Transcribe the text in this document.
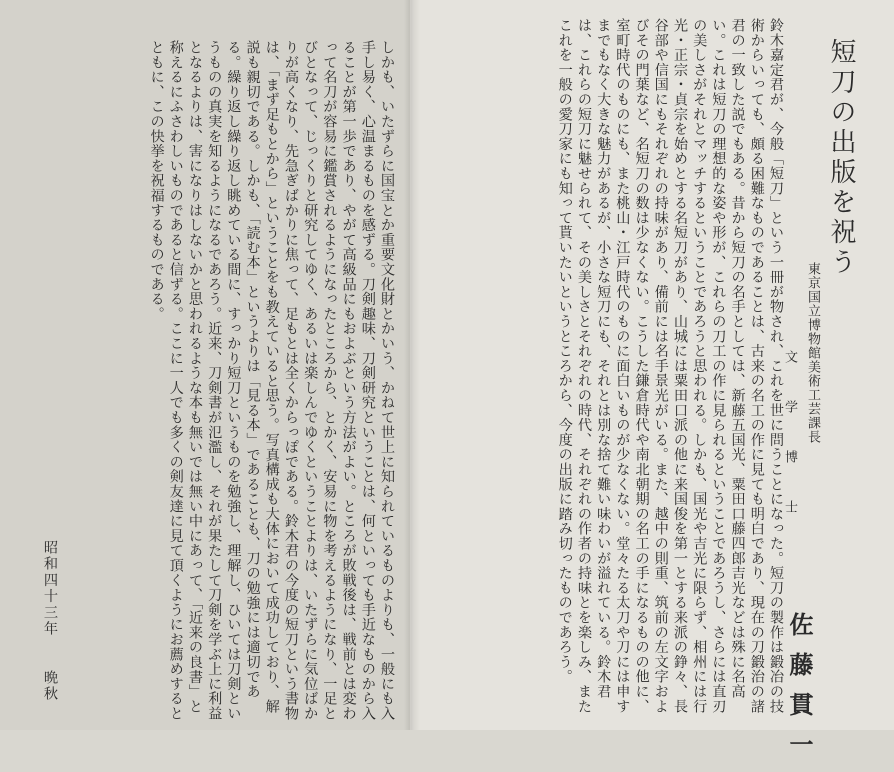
短刀の出版を祝う
東京国立博物館美術工芸課長
文　学　博　士
佐藤貫一
鈴木嘉定君が、今般「短刀」という一冊が物され、これを世に問うことになった。短刀の製作は鍛冶の技術からいっても、頗る困難なものであることは、古来の名工の作に見ても明白であり、現在の刀鍛治の諸君の一致した説でもある。昔から短刀の名手としては、新藤五国光、粟田口藤四郎吉光などは殊に名高い。これは短刀の理想的な姿や形が、これらの刀工の作に見られるということであろうし、さらには直刃の美しさがそれとマッチするということであろうと思われる。しかも、国光や吉光に限らず、相州には行光・正宗・貞宗を始めとする名短刀があり、山城には粟田口派の他に来国俊を第一とする来派の錚々、長谷部や信国にもそれぞれの持味があり、備前には名手景光がいる。また、越中の則重、筑前の左文字およびその門葉など、名短刀の数は少なくない。こうした鎌倉時代や南北朝期の名工の手になるものの他に、室町時代のものにも、また桃山・江戸時代のものに面白いものが少なくない。堂々たる太刀や刀には申すまでもなく大きな魅力があるが、小さな短刀にも、それとは別な捨て難い味わいが溢れている。鈴木君は、これらの短刀に魅せられて、その美しさとそれぞれの時代、それぞれの作者の持味とを楽しみ、またこれを一般の愛刀家にも知って貰いたいというところから、今度の出版に踏み切ったものであろう。
しかも、いたずらに国宝とか重要文化財とかいう、かねて世上に知られているものよりも、一般にも入手し易く、心温まるものを感ずる。刀剣趣味、刀剣研究ということは、何といっても手近なものから入ることが第一歩であり、やがて高級品にもおよぶという方法がよい。ところが敗戦後は、戦前とは変わって名刀が容易に鑑賞されるようになったところから、とかく、安易に物を考えるようになり、一足とびとなって、じっくりと研究してゆく、あるいは楽しんでゆくということよりは、いたずらに気位ばかりが高くなり、先急ぎばかりに焦って、足もとは全くからっぽである。鈴木君の今度の短刀という書物は、「まず足もとから」ということをも教えていると思う。写真構成も大体において成功しており、解説も親切である。しかも、「読む本」というよりは「見る本」であることも、刀の勉強には適切である。繰り返し繰り返し眺めている間に、すっかり短刀というものを勉強し、理解し、ひいては刀剣というものの真実を知るようになるであろう。近来、刀剣書が氾濫し、それが果たして刀剣を学ぶ上に利益となるよりは、害になりはしないかと思われるような本も無いでは無い中にあって、「近来の良書」と称えるにふさわしいものであると信ずる。ここに一人でも多くの剣友達に見て頂くようにお薦めするとともに、この快挙を祝福するものである。
昭和四十三年 晩秋
